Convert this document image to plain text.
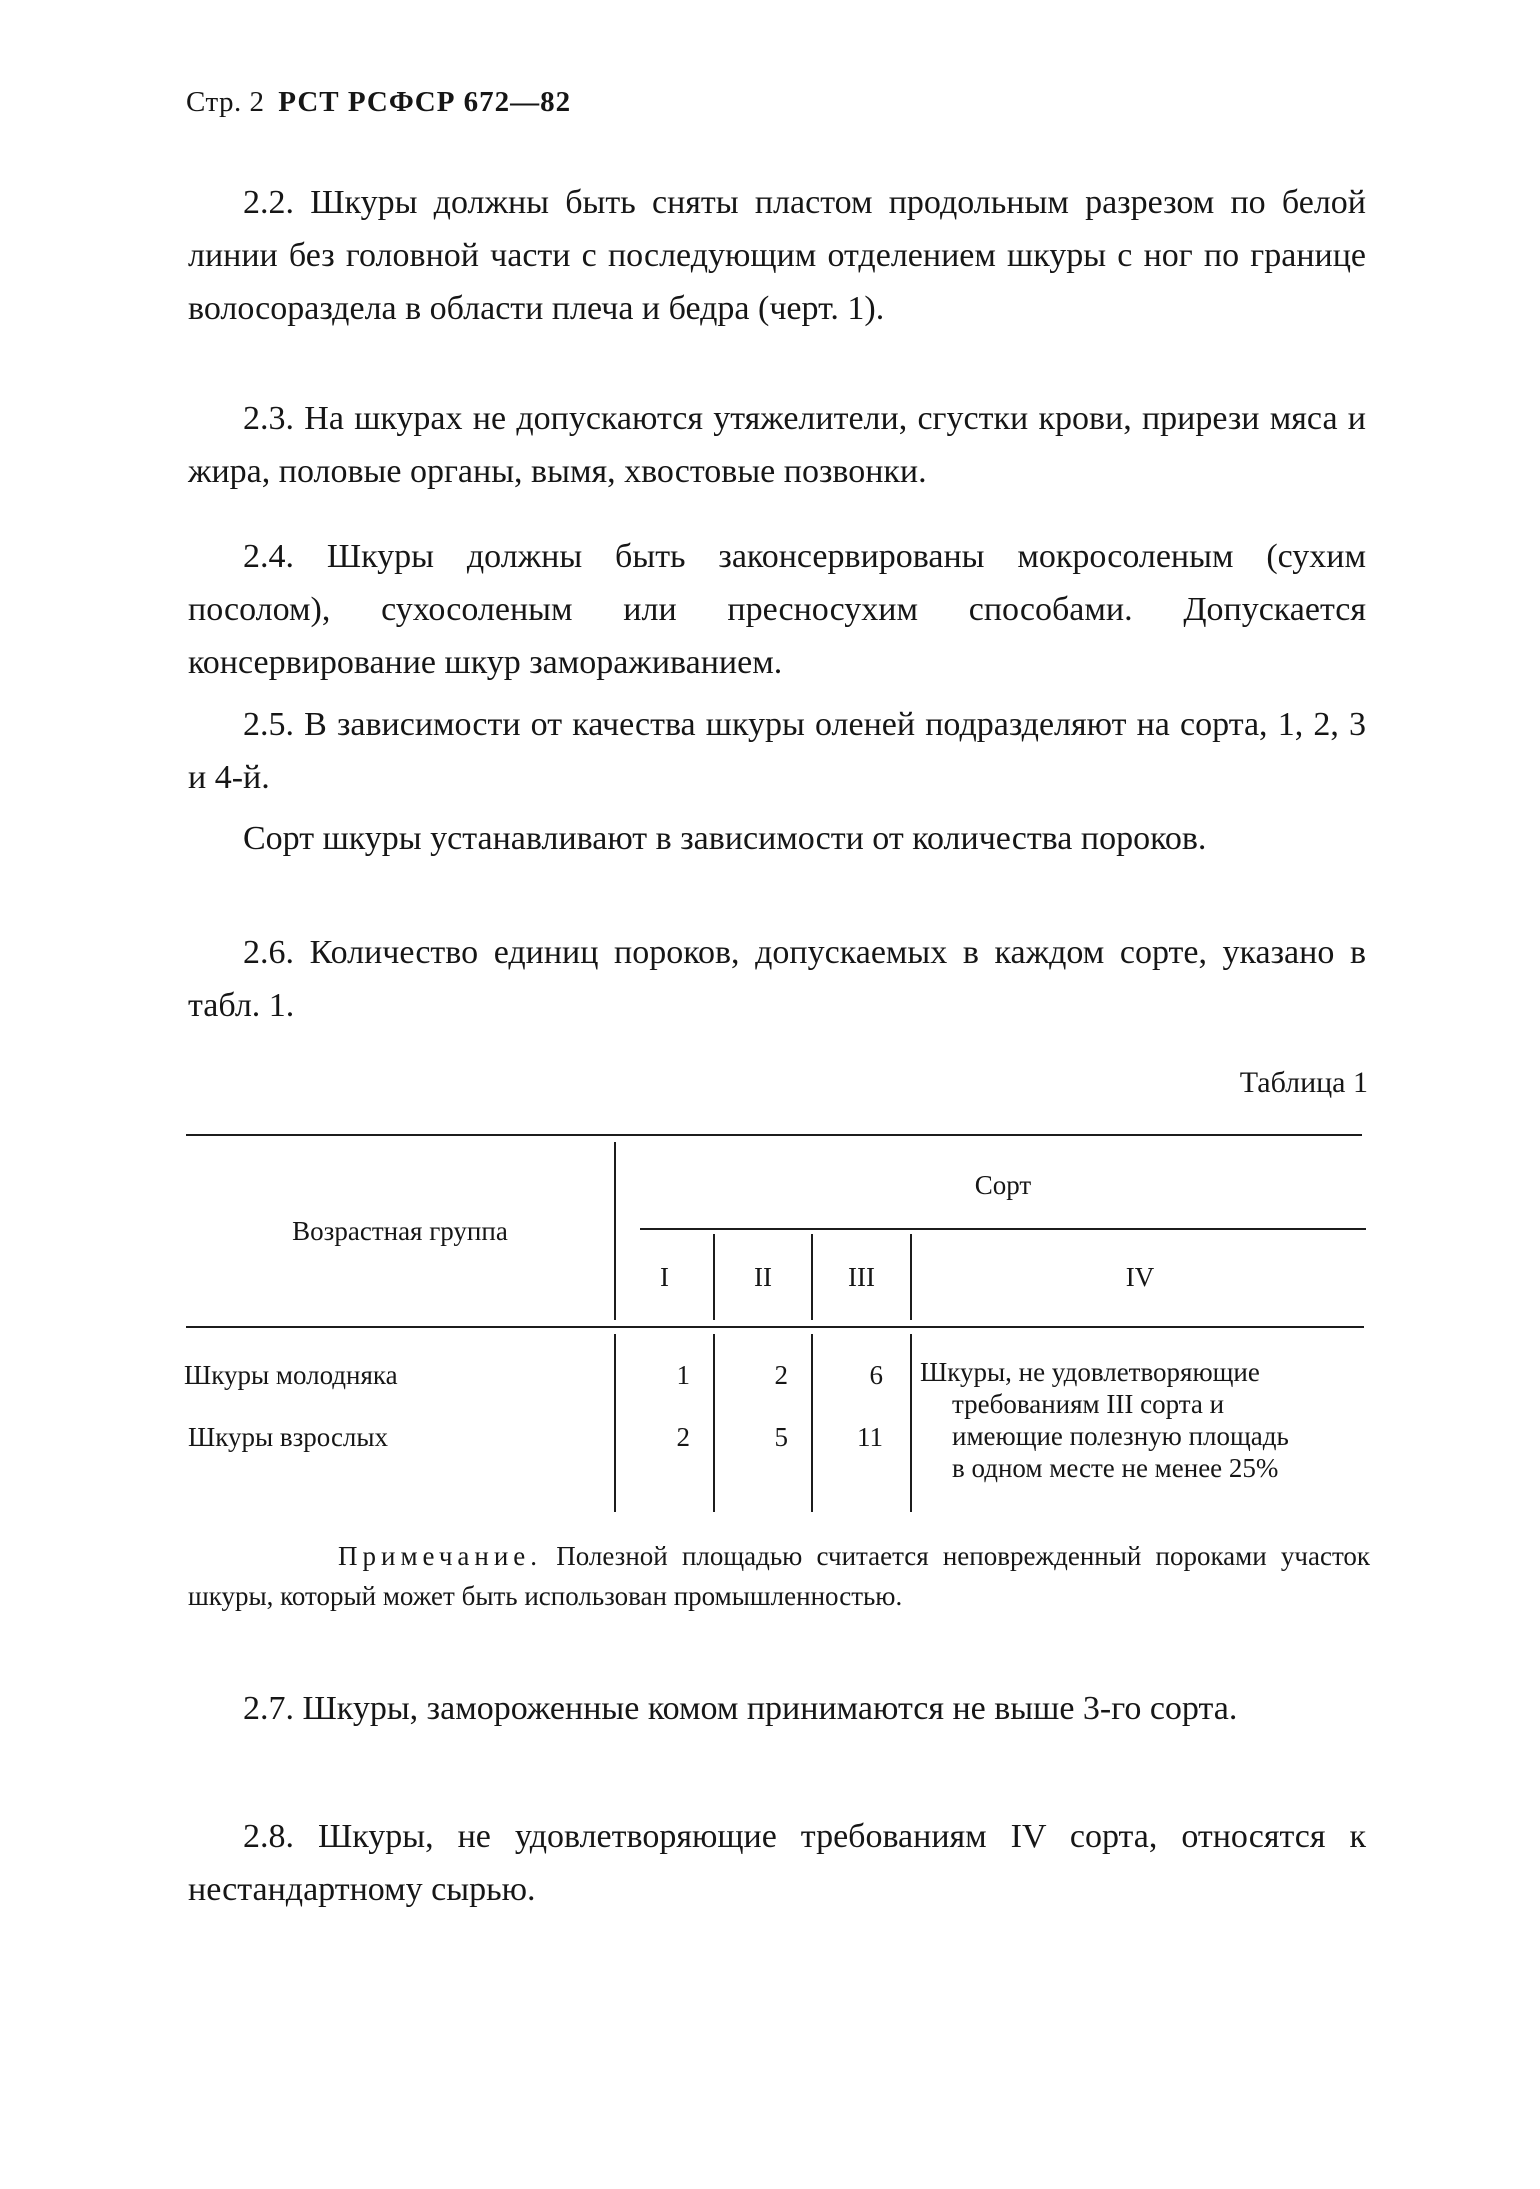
Стр. 2 РСТ РСФСР 672—82
2.2. Шкуры должны быть сняты пластом продольным разрезом по белой линии без головной части с последующим отделением шкуры с ног по границе волосораздела в области плеча и бедра (черт. 1).
2.3. На шкурах не допускаются утяжелители, сгустки крови, прирези мяса и жира, половые органы, вымя, хвостовые позвонки.
2.4. Шкуры должны быть законсервированы мокросоленым (сухим посолом), сухосоленым или пресносухим способами. Допускается консервирование шкур замораживанием.
2.5. В зависимости от качества шкуры оленей подразделяют на сорта, 1, 2, 3 и 4-й.
Сорт шкуры устанавливают в зависимости от количества пороков.
2.6. Количество единиц пороков, допускаемых в каждом сорте, указано в табл. 1.
Таблица 1
Возрастная группа
Сорт
I	II	III	IV
Шкуры молодняка	1	2	6
Шкуры взрослых	2	5	11
Шкуры, не удовлетворяющие
требованиям III сорта и
имеющие полезную площадь
в одном месте не менее 25%
Примечание. Полезной площадью считается неповрежденный пороками участок шкуры, который может быть использован промышленностью.
2.7. Шкуры, замороженные комом принимаются не выше 3-го сорта.
2.8. Шкуры, не удовлетворяющие требованиям IV сорта, относятся к нестандартному сырью.
